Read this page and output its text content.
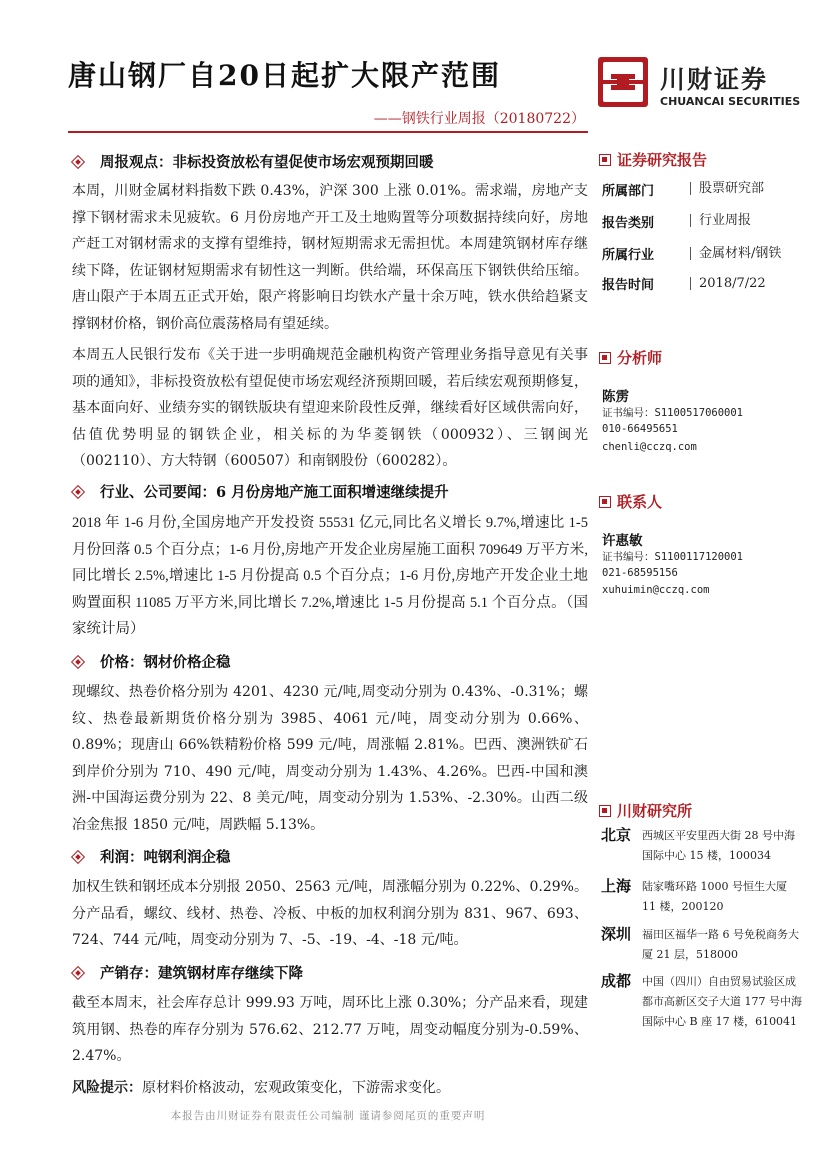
唐山钢厂自20日起扩大限产范围
——钢铁行业周报（20180722）
川财证券
CHUANCAI SECURITIES
周报观点：非标投资放松有望促使市场宏观预期回暖
本周，川财金属材料指数下跌 0.43%，沪深 300 上涨 0.01%。需求端，房地产支撑下钢材需求未见疲软。6 月份房地产开工及土地购置等分项数据持续向好，房地产赶工对钢材需求的支撑有望维持，钢材短期需求无需担忧。本周建筑钢材库存继续下降，佐证钢材短期需求有韧性这一判断。供给端，环保高压下钢铁供给压缩。唐山限产于本周五正式开始，限产将影响日均铁水产量十余万吨，铁水供给趋紧支撑钢材价格，钢价高位震荡格局有望延续。
本周五人民银行发布《关于进一步明确规范金融机构资产管理业务指导意见有关事项的通知》，非标投资放松有望促使市场宏观经济预期回暖，若后续宏观预期修复，基本面向好、业绩夯实的钢铁版块有望迎来阶段性反弹，继续看好区域供需向好，估值优势明显的钢铁企业，相关标的为华菱钢铁（000932）、三钢闽光（002110）、方大特钢（600507）和南钢股份（600282）。
行业、公司要闻：6 月份房地产施工面积增速继续提升
2018 年 1-6 月份,全国房地产开发投资 55531 亿元,同比名义增长 9.7%,增速比 1-5 月份回落 0.5 个百分点；1-6 月份,房地产开发企业房屋施工面积 709649 万平方米,同比增长 2.5%,增速比 1-5 月份提高 0.5 个百分点；1-6 月份,房地产开发企业土地购置面积 11085 万平方米,同比增长 7.2%,增速比 1-5 月份提高 5.1 个百分点。（国家统计局）
价格：钢材价格企稳
现螺纹、热卷价格分别为 4201、4230 元/吨,周变动分别为 0.43%、-0.31%；螺纹、热卷最新期货价格分别为 3985、4061 元/吨，周变动分别为 0.66%、0.89%；现唐山 66%铁精粉价格 599 元/吨，周涨幅 2.81%。巴西、澳洲铁矿石到岸价分别为 710、490 元/吨，周变动分别为 1.43%、4.26%。巴西-中国和澳洲-中国海运费分别为 22、8 美元/吨，周变动分别为 1.53%、-2.30%。山西二级冶金焦报 1850 元/吨，周跌幅 5.13%。
利润：吨钢利润企稳
加权生铁和钢坯成本分别报 2050、2563 元/吨，周涨幅分别为 0.22%、0.29%。分产品看，螺纹、线材、热卷、冷板、中板的加权利润分别为 831、967、693、724、744 元/吨，周变动分别为 7、-5、-19、-4、-18 元/吨。
产销存：建筑钢材库存继续下降
截至本周末，社会库存总计 999.93 万吨，周环比上涨 0.30%；分产品来看，现建筑用钢、热卷的库存分别为 576.62、212.77 万吨，周变动幅度分别为-0.59%、2.47%。
风险提示：原材料价格波动，宏观政策变化，下游需求变化。
证券研究报告
所属部门	股票研究部
报告类别	行业周报
所属行业	金属材料/钢铁
报告时间	2018/7/22
分析师
陈雳
证书编号：S1100517060001
010-66495651
chenli@cczq.com
联系人
许惠敏
证书编号：S1100117120001
021-68595156
xuhuimin@cczq.com
川财研究所
北京 西城区平安里西大街 28 号中海国际中心 15 楼，100034
上海 陆家嘴环路 1000 号恒生大厦 11 楼，200120
深圳 福田区福华一路 6 号免税商务大厦 21 层，518000
成都 中国（四川）自由贸易试验区成都市高新区交子大道 177 号中海国际中心 B 座 17 楼，610041
本报告由川财证券有限责任公司编制 谨请参阅尾页的重要声明
